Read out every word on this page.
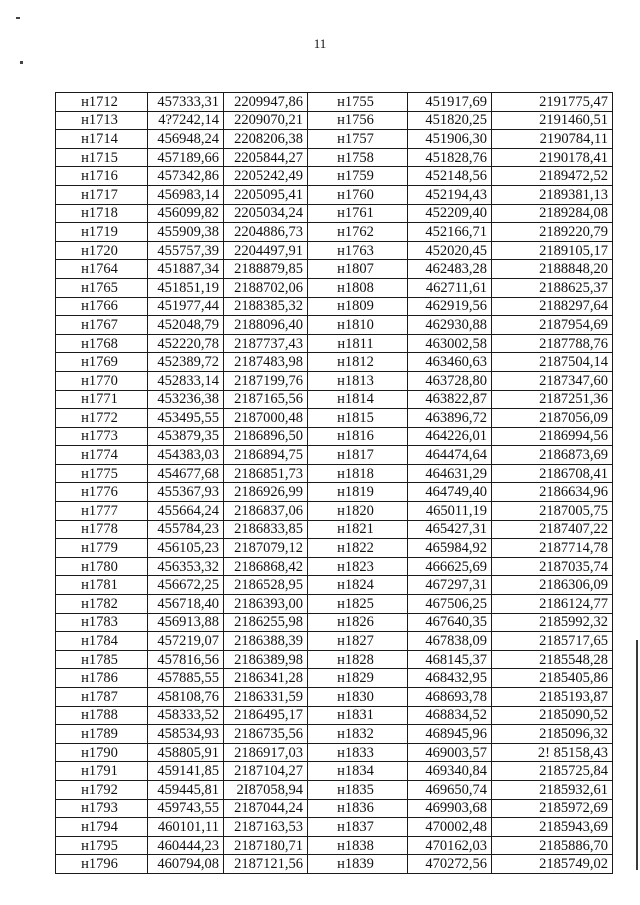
11
н1712	457333,31	2209947,86	н1755	451917,69	2191775,47
н1713	4?7242,14	2209070,21	н1756	451820,25	2191460,51
н1714	456948,24	2208206,38	н1757	451906,30	2190784,11
н1715	457189,66	2205844,27	н1758	451828,76	2190178,41
н1716	457342,86	2205242,49	н1759	452148,56	2189472,52
н1717	456983,14	2205095,41	н1760	452194,43	2189381,13
н1718	456099,82	2205034,24	н1761	452209,40	2189284,08
н1719	455909,38	2204886,73	н1762	452166,71	2189220,79
н1720	455757,39	2204497,91	н1763	452020,45	2189105,17
н1764	451887,34	2188879,85	н1807	462483,28	2188848,20
н1765	451851,19	2188702,06	н1808	462711,61	2188625,37
н1766	451977,44	2188385,32	н1809	462919,56	2188297,64
н1767	452048,79	2188096,40	н1810	462930,88	2187954,69
н1768	452220,78	2187737,43	н1811	463002,58	2187788,76
н1769	452389,72	2187483,98	н1812	463460,63	2187504,14
н1770	452833,14	2187199,76	н1813	463728,80	2187347,60
н1771	453236,38	2187165,56	н1814	463822,87	2187251,36
н1772	453495,55	2187000,48	н1815	463896,72	2187056,09
н1773	453879,35	2186896,50	н1816	464226,01	2186994,56
н1774	454383,03	2186894,75	н1817	464474,64	2186873,69
н1775	454677,68	2186851,73	н1818	464631,29	2186708,41
н1776	455367,93	2186926,99	н1819	464749,40	2186634,96
н1777	455664,24	2186837,06	н1820	465011,19	2187005,75
н1778	455784,23	2186833,85	н1821	465427,31	2187407,22
н1779	456105,23	2187079,12	н1822	465984,92	2187714,78
н1780	456353,32	2186868,42	н1823	466625,69	2187035,74
н1781	456672,25	2186528,95	н1824	467297,31	2186306,09
н1782	456718,40	2186393,00	н1825	467506,25	2186124,77
н1783	456913,88	2186255,98	н1826	467640,35	2185992,32
н1784	457219,07	2186388,39	н1827	467838,09	2185717,65
н1785	457816,56	2186389,98	н1828	468145,37	2185548,28
н1786	457885,55	2186341,28	н1829	468432,95	2185405,86
н1787	458108,76	2186331,59	н1830	468693,78	2185193,87
н1788	458333,52	2186495,17	н1831	468834,52	2185090,52
н1789	458534,93	2186735,56	н1832	468945,96	2185096,32
н1790	458805,91	2186917,03	н1833	469003,57	2! 85158,43
н1791	459141,85	2187104,27	н1834	469340,84	2185725,84
н1792	459445,81	2I87058,94	н1835	469650,74	2185932,61
н1793	459743,55	2187044,24	н1836	469903,68	2185972,69
н1794	460101,11	2187163,53	н1837	470002,48	2185943,69
н1795	460444,23	2187180,71	н1838	470162,03	2185886,70
н1796	460794,08	2187121,56	н1839	470272,56	2185749,02
